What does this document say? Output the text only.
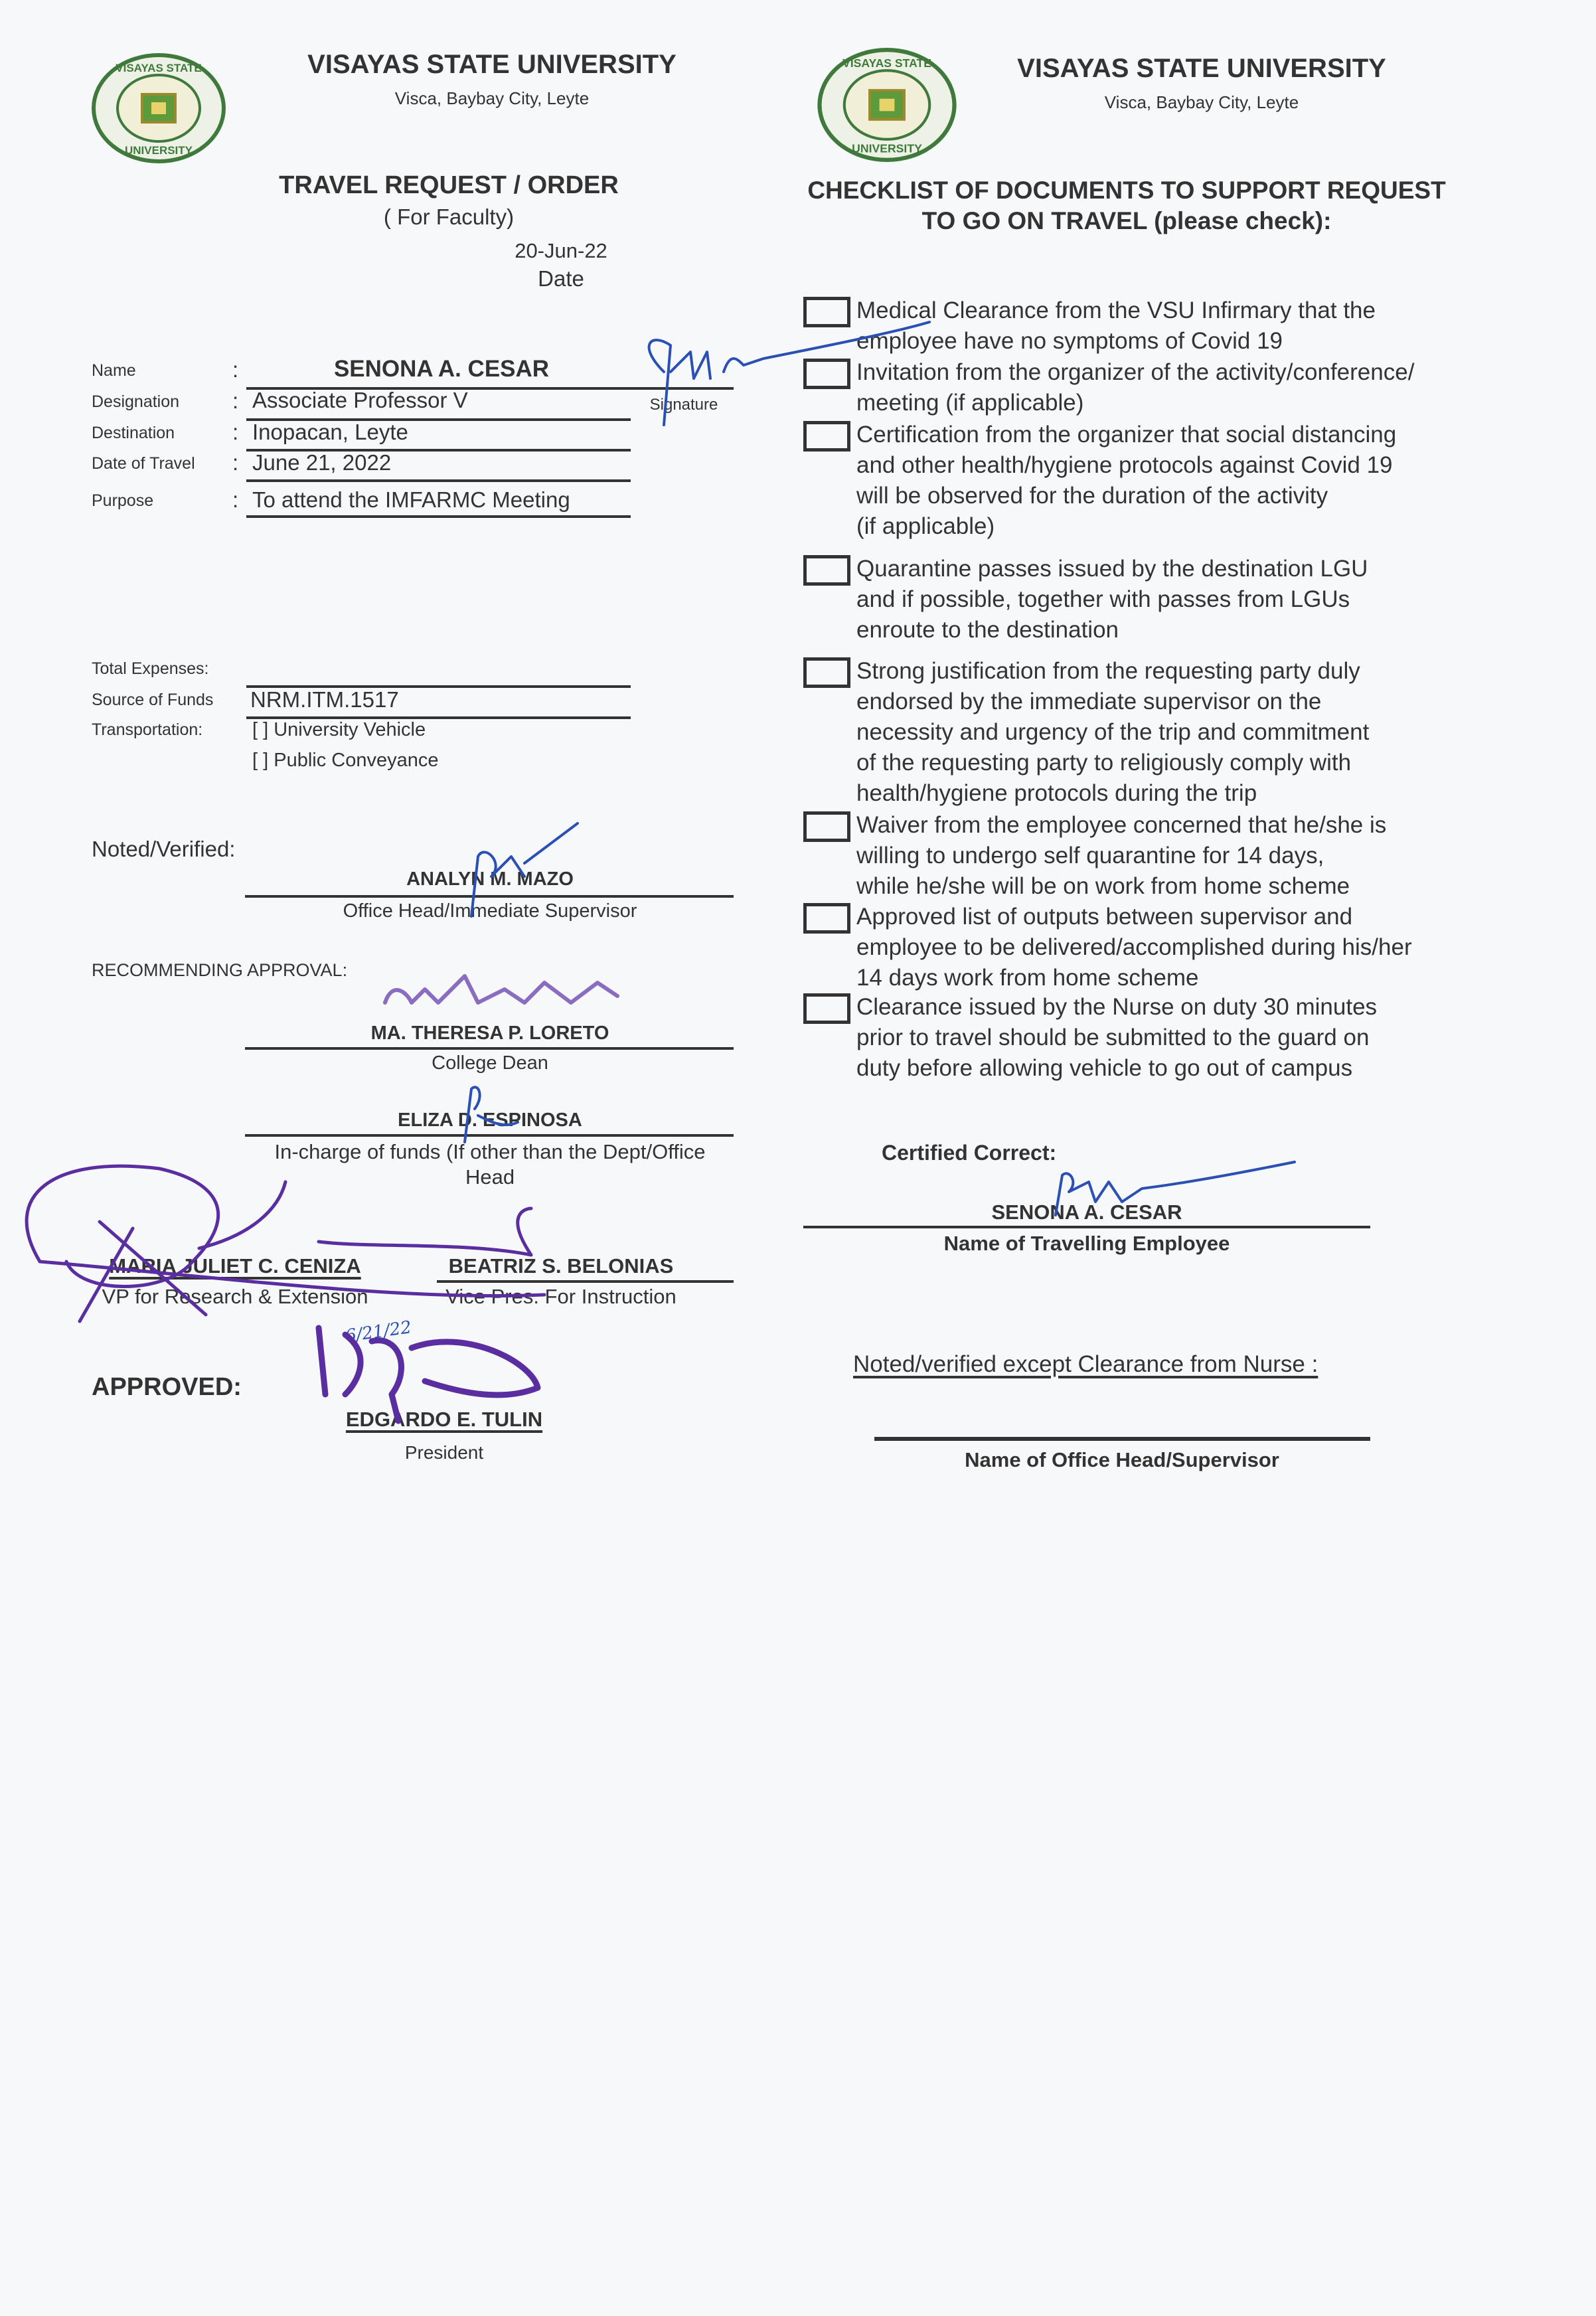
VISAYAS STATE
UNIVERSITY
VISAYAS STATE
UNIVERSITY
VISAYAS STATE UNIVERSITY
Visca, Baybay City, Leyte
VISAYAS STATE UNIVERSITY
Visca, Baybay City, Leyte
TRAVEL REQUEST / ORDER
( For Faculty)
20-Jun-22
Date
Name	:	SENONA A. CESAR
Signature
Designation : Associate Professor V
Destination	: Inopacan, Leyte
Date of Travel : June 21, 2022
Purpose	: To attend the IMFARMC Meeting
Total Expenses:
Source of Funds NRM.ITM.1517
Transportation:	[ ] University Vehicle
[ ] Public Conveyance
Noted/Verified:
ANALYN M. MAZO
Office Head/Immediate Supervisor
RECOMMENDING APPROVAL:
MA. THERESA P. LORETO
College Dean
ELIZA D. ESPINOSA
In-charge of funds (If other than the Dept/Office
Head
MARIA JULIET C. CENIZA
VP for Research & Extension
BEATRIZ S. BELONIAS
Vice Pres. For Instruction
APPROVED:
EDGARDO E. TULIN
President
6/21/22
CHECKLIST OF DOCUMENTS TO SUPPORT REQUEST
TO GO ON TRAVEL (please check):
Medical Clearance from the VSU Infirmary that the
employee have no symptoms of Covid 19
Invitation from the organizer of the activity/conference/
meeting (if applicable)
Certification from the organizer that social distancing
and other health/hygiene protocols against Covid 19
will be observed for the duration of the activity
(if applicable)
Quarantine passes issued by the destination LGU
and if possible, together with passes from LGUs
enroute to the destination
Strong justification from the requesting party duly
endorsed by the immediate supervisor on the
necessity and urgency of the trip and commitment
of the requesting party to religiously comply with
health/hygiene protocols during the trip
Waiver from the employee concerned that he/she is
willing to undergo self quarantine for 14 days,
while he/she will be on work from home scheme
Approved list of outputs between supervisor and
employee to be delivered/accomplished during his/her
14 days work from home scheme
Clearance issued by the Nurse on duty 30 minutes
prior to travel should be submitted to the guard on
duty before allowing vehicle to go out of campus
Certified Correct:
SENONA A. CESAR
Name of Travelling Employee
Noted/verified except Clearance from Nurse :
Name of Office Head/Supervisor
